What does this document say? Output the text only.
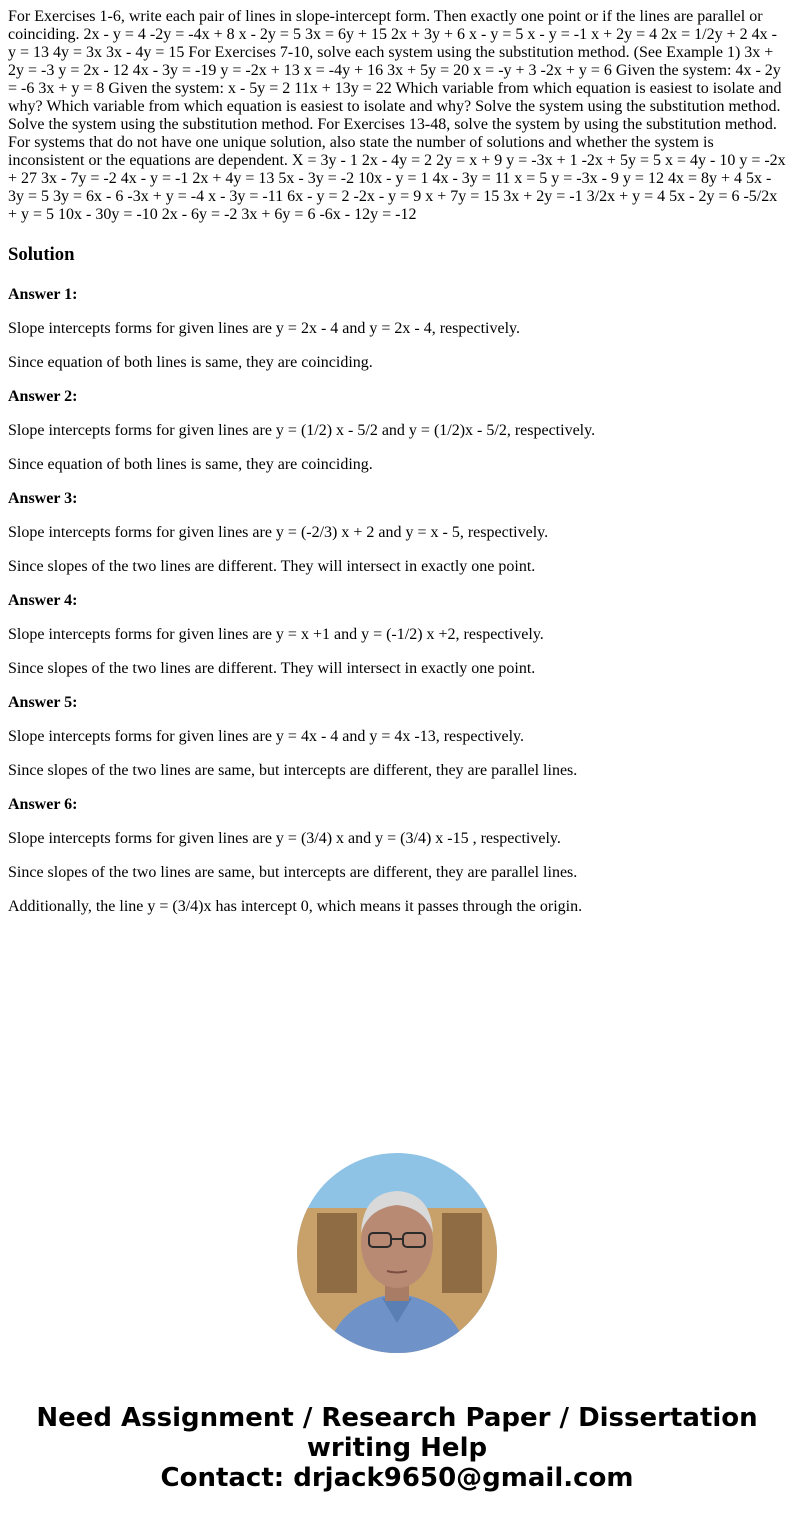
For Exercises 1-6, write each pair of lines in slope-intercept form. Then exactly one point or if the lines are parallel or coinciding. 2x - y = 4 -2y = -4x + 8 x - 2y = 5 3x = 6y + 15 2x + 3y + 6 x - y = 5 x - y = -1 x + 2y = 4 2x = 1/2y + 2 4x - y = 13 4y = 3x 3x - 4y = 15 For Exercises 7-10, solve each system using the substitution method. (See Example 1) 3x + 2y = -3 y = 2x - 12 4x - 3y = -19 y = -2x + 13 x = -4y + 16 3x + 5y = 20 x = -y + 3 -2x + y = 6 Given the system: 4x - 2y = -6 3x + y = 8 Given the system: x - 5y = 2 11x + 13y = 22 Which variable from which equation is easiest to isolate and why? Which variable from which equation is easiest to isolate and why? Solve the system using the substitution method. Solve the system using the substitution method. For Exercises 13-48, solve the system by using the substitution method. For systems that do not have one unique solution, also state the number of solutions and whether the system is inconsistent or the equations are dependent. X = 3y - 1 2x - 4y = 2 2y = x + 9 y = -3x + 1 -2x + 5y = 5 x = 4y - 10 y = -2x + 27 3x - 7y = -2 4x - y = -1 2x + 4y = 13 5x - 3y = -2 10x - y = 1 4x - 3y = 11 x = 5 y = -3x - 9 y = 12 4x = 8y + 4 5x - 3y = 5 3y = 6x - 6 -3x + y = -4 x - 3y = -11 6x - y = 2 -2x - y = 9 x + 7y = 15 3x + 2y = -1 3/2x + y = 4 5x - 2y = 6 -5/2x + y = 5 10x - 30y = -10 2x - 6y = -2 3x + 6y = 6 -6x - 12y = -12

Solution

Answer 1:

Slope intercepts forms for given lines are y = 2x - 4 and y = 2x - 4, respectively.

Since equation of both lines is same, they are coinciding.

Answer 2:

Slope intercepts forms for given lines are y = (1/2) x - 5/2 and y = (1/2)x - 5/2, respectively.

Since equation of both lines is same, they are coinciding.

Answer 3:

Slope intercepts forms for given lines are y = (-2/3) x + 2 and y = x - 5, respectively.

Since slopes of the two lines are different. They will intersect in exactly one point.

Answer 4:

Slope intercepts forms for given lines are y = x +1 and y = (-1/2) x +2, respectively.

Since slopes of the two lines are different. They will intersect in exactly one point.

Answer 5:

Slope intercepts forms for given lines are y = 4x - 4 and y = 4x -13, respectively.

Since slopes of the two lines are same, but intercepts are different, they are parallel lines.

Answer 6:

Slope intercepts forms for given lines are y = (3/4) x and y = (3/4) x -15 , respectively.

Since slopes of the two lines are same, but intercepts are different, they are parallel lines.

Additionally, the line y = (3/4)x has intercept 0, which means it passes through the origin.

Need Assignment / Research Paper / Dissertation
writing Help
Contact: drjack9650@gmail.com
